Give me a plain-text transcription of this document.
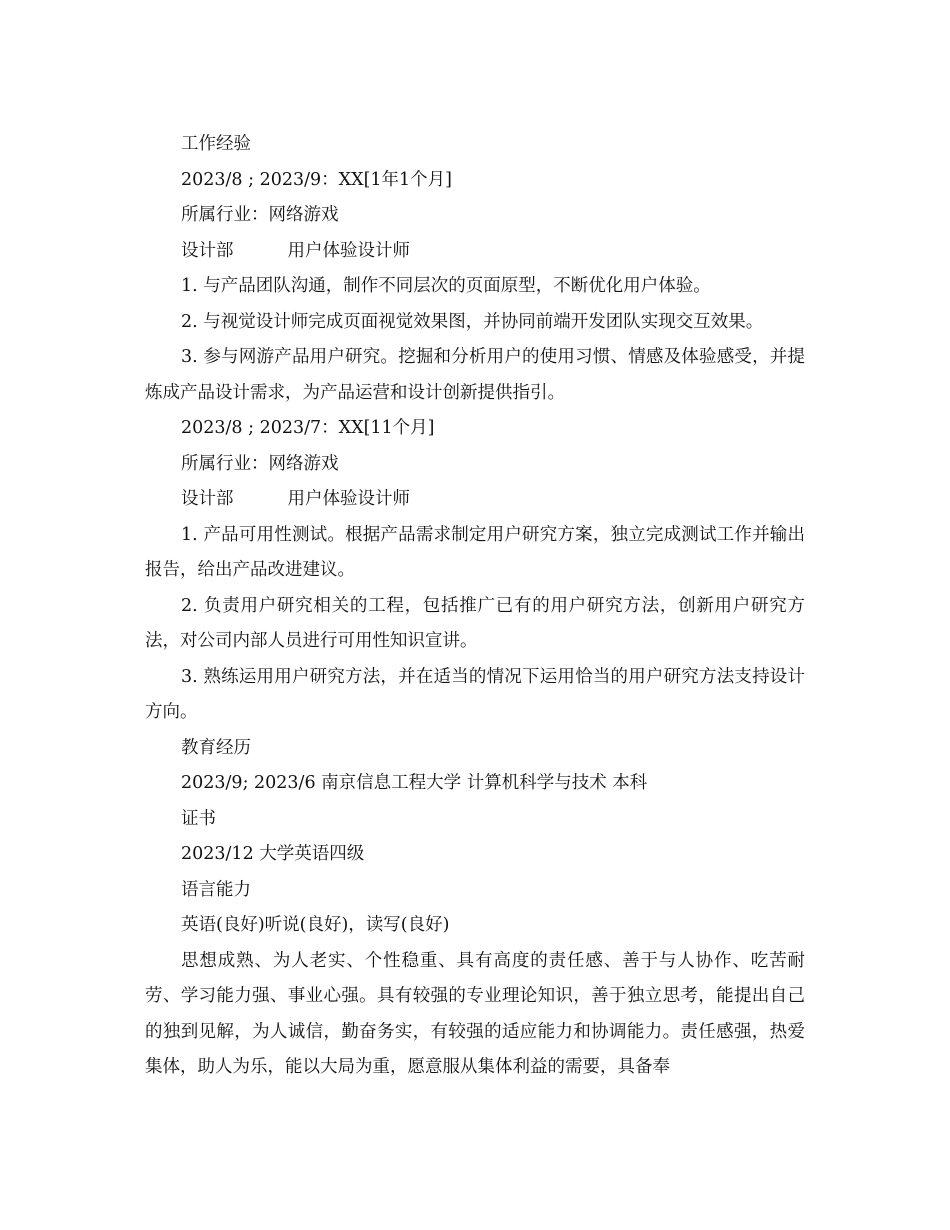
工作经验
2023/8 ; 2023/9：XX[1年1个月]
所属行业：网络游戏
设计部	用户体验设计师
1. 与产品团队沟通，制作不同层次的页面原型，不断优化用户体验。
2. 与视觉设计师完成页面视觉效果图，并协同前端开发团队实现交互效果。
3. 参与网游产品用户研究。挖掘和分析用户的使用习惯、情感及体验感受，并提炼成产品设计需求，为产品运营和设计创新提供指引。
2023/8 ; 2023/7：XX[11个月]
所属行业：网络游戏
设计部	用户体验设计师
1. 产品可用性测试。根据产品需求制定用户研究方案，独立完成测试工作并输出报告，给出产品改进建议。
2. 负责用户研究相关的工程，包括推广已有的用户研究方法，创新用户研究方法，对公司内部人员进行可用性知识宣讲。
3. 熟练运用用户研究方法，并在适当的情况下运用恰当的用户研究方法支持设计方向。
教育经历
2023/9; 2023/6 南京信息工程大学 计算机科学与技术 本科
证书
2023/12 大学英语四级
语言能力
英语(良好)听说(良好)，读写(良好)
思想成熟、为人老实、个性稳重、具有高度的责任感、善于与人协作、吃苦耐劳、学习能力强、事业心强。具有较强的专业理论知识，善于独立思考，能提出自己的独到见解，为人诚信，勤奋务实，有较强的适应能力和协调能力。责任感强，热爱集体，助人为乐，能以大局为重，愿意服从集体利益的需要，具备奉
